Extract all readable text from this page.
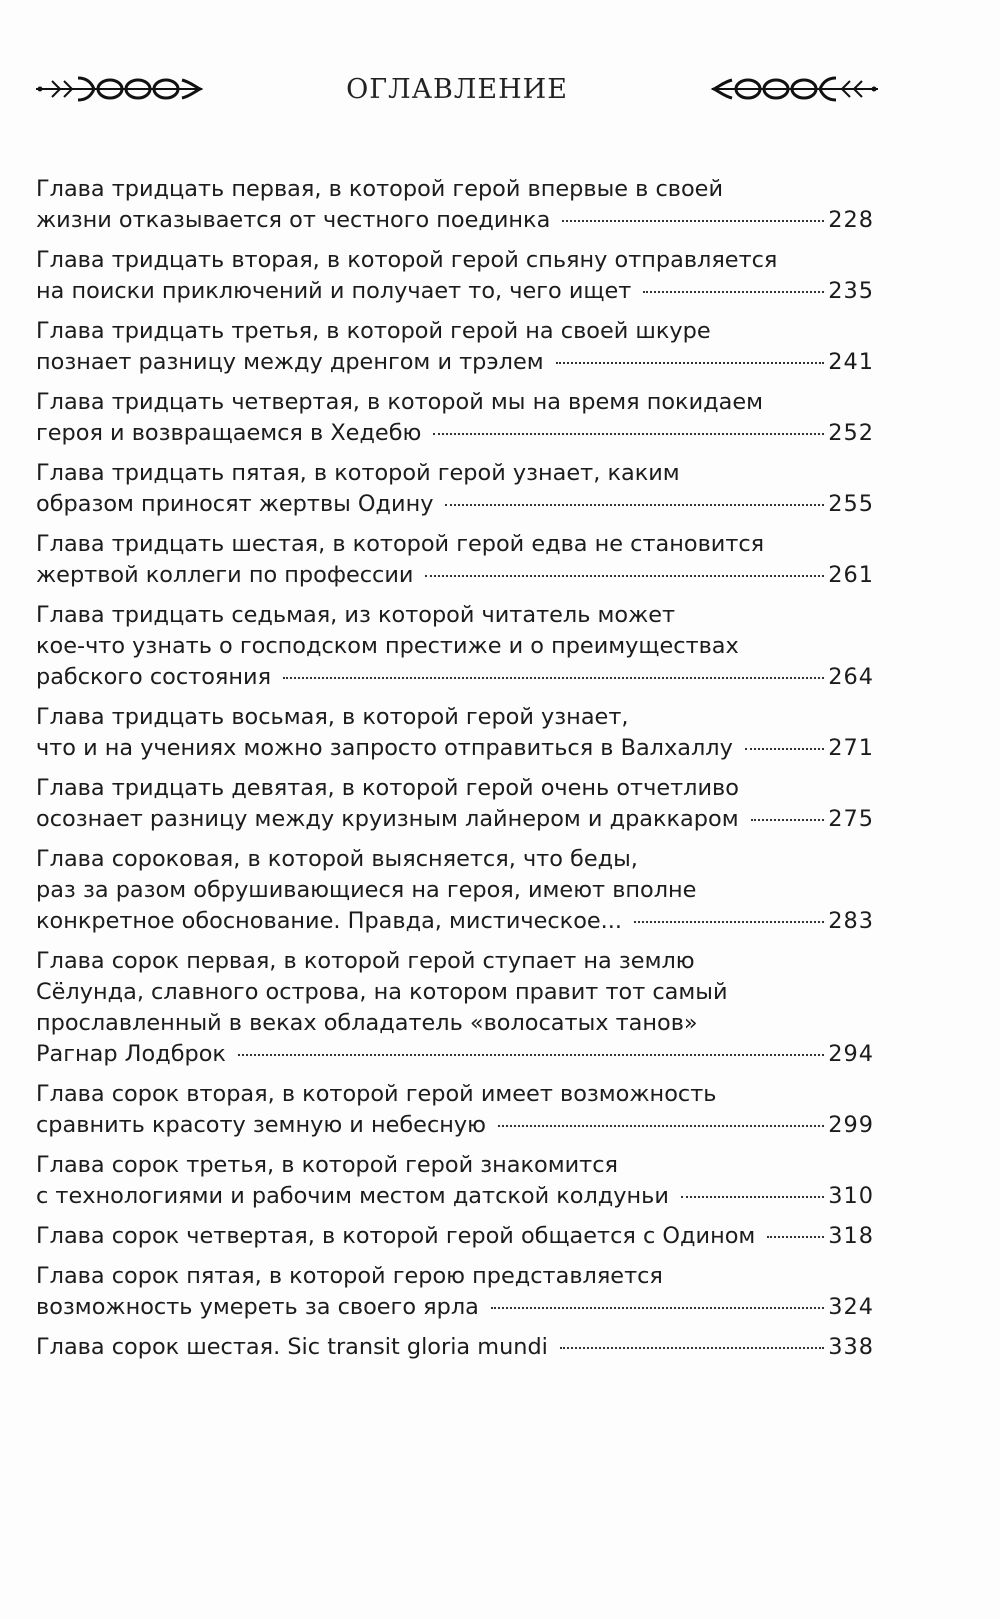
ОГЛАВЛЕНИЕ
Глава тридцать первая, в которой герой впервые в своей
жизни отказывается от честного поединка	228
Глава тридцать вторая, в которой герой спьяну отправляется
на поиски приключений и получает то, чего ищет	235
Глава тридцать третья, в которой герой на своей шкуре
познает разницу между дренгом и трэлем	241
Глава тридцать четвертая, в которой мы на время покидаем
героя и возвращаемся в Хедебю	252
Глава тридцать пятая, в которой герой узнает, каким
образом приносят жертвы Одину	255
Глава тридцать шестая, в которой герой едва не становится
жертвой коллеги по профессии	261
Глава тридцать седьмая, из которой читатель может
кое-что узнать о господском престиже и о преимуществах
рабского состояния	264
Глава тридцать восьмая, в которой герой узнает,
что и на учениях можно запросто отправиться в Валхаллу	271
Глава тридцать девятая, в которой герой очень отчетливо
осознает разницу между круизным лайнером и драккаром	275
Глава сороковая, в которой выясняется, что беды,
раз за разом обрушивающиеся на героя, имеют вполне
конкретное обоснование. Правда, мистическое...	283
Глава сорок первая, в которой герой ступает на землю
Сёлунда, славного острова, на котором правит тот самый
прославленный в веках обладатель «волосатых танов»
Рагнар Лодброк	294
Глава сорок вторая, в которой герой имеет возможность
сравнить красоту земную и небесную	299
Глава сорок третья, в которой герой знакомится
с технологиями и рабочим местом датской колдуньи	310
Глава сорок четвертая, в которой герой общается с Одином	318
Глава сорок пятая, в которой герою представляется
возможность умереть за своего ярла	324
Глава сорок шестая. Sic transit gloria mundi	338
